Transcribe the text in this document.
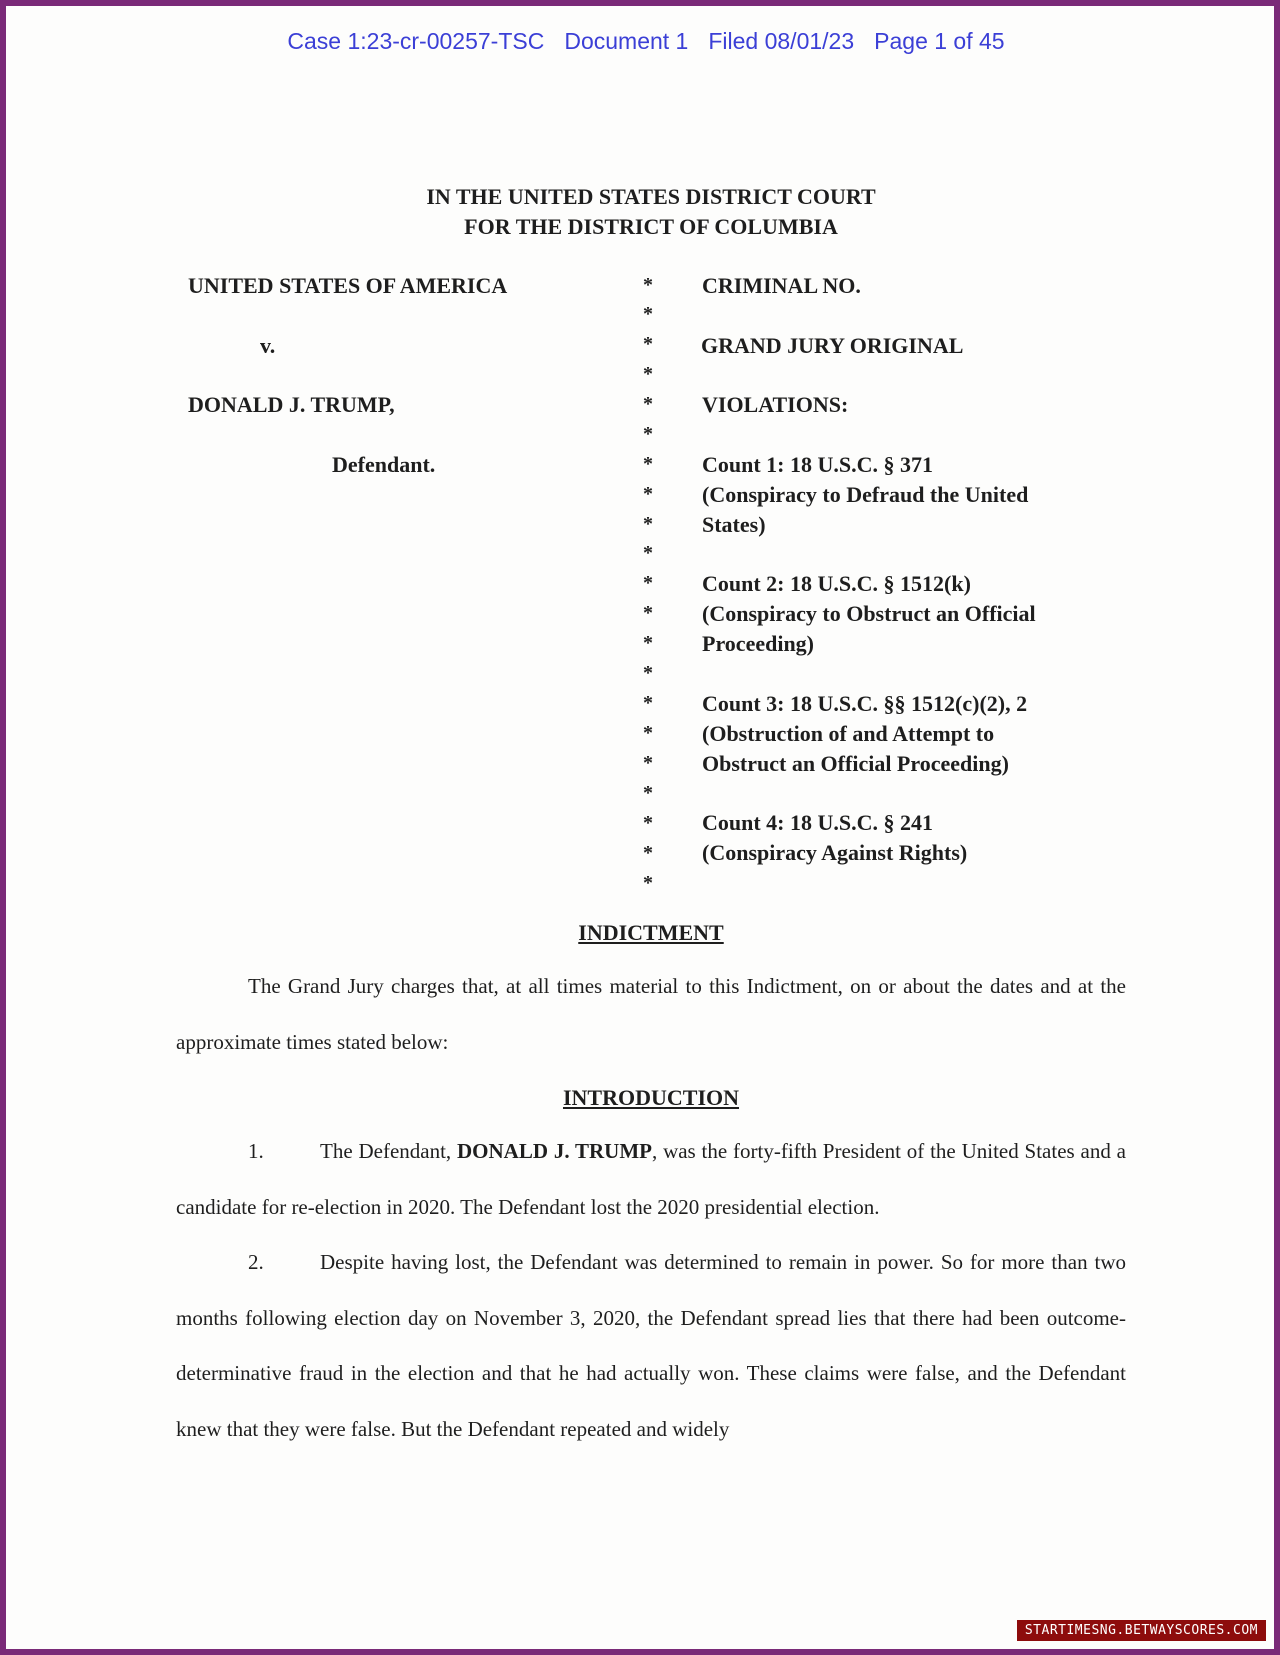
Case 1:23-cr-00257-TSC Document 1 Filed 08/01/23 Page 1 of 45
IN THE UNITED STATES DISTRICT COURT
FOR THE DISTRICT OF COLUMBIA
UNITED STATES OF AMERICA
v.
DONALD J. TRUMP,
Defendant.
*
*
*
*
*
*
*
*
*
*
*
*
*
*
*
*
*
*
*
*
*
CRIMINAL NO.
GRAND JURY ORIGINAL
VIOLATIONS:
Count 1: 18 U.S.C. § 371
(Conspiracy to Defraud the United
States)
Count 2: 18 U.S.C. § 1512(k)
(Conspiracy to Obstruct an Official
Proceeding)
Count 3: 18 U.S.C. §§ 1512(c)(2), 2
(Obstruction of and Attempt to
Obstruct an Official Proceeding)
Count 4: 18 U.S.C. § 241
(Conspiracy Against Rights)
INDICTMENT

The Grand Jury charges that, at all times material to this Indictment, on or about the dates and at the approximate times stated below:

INTRODUCTION

1.	The Defendant, DONALD J. TRUMP, was the forty-fifth President of the United States and a candidate for re-election in 2020. The Defendant lost the 2020 presidential election.

2.	Despite having lost, the Defendant was determined to remain in power. So for more than two months following election day on November 3, 2020, the Defendant spread lies that there had been outcome-determinative fraud in the election and that he had actually won. These claims were false, and the Defendant knew that they were false. But the Defendant repeated and widely

STARTIMESNG.BETWAYSCORES.COM
